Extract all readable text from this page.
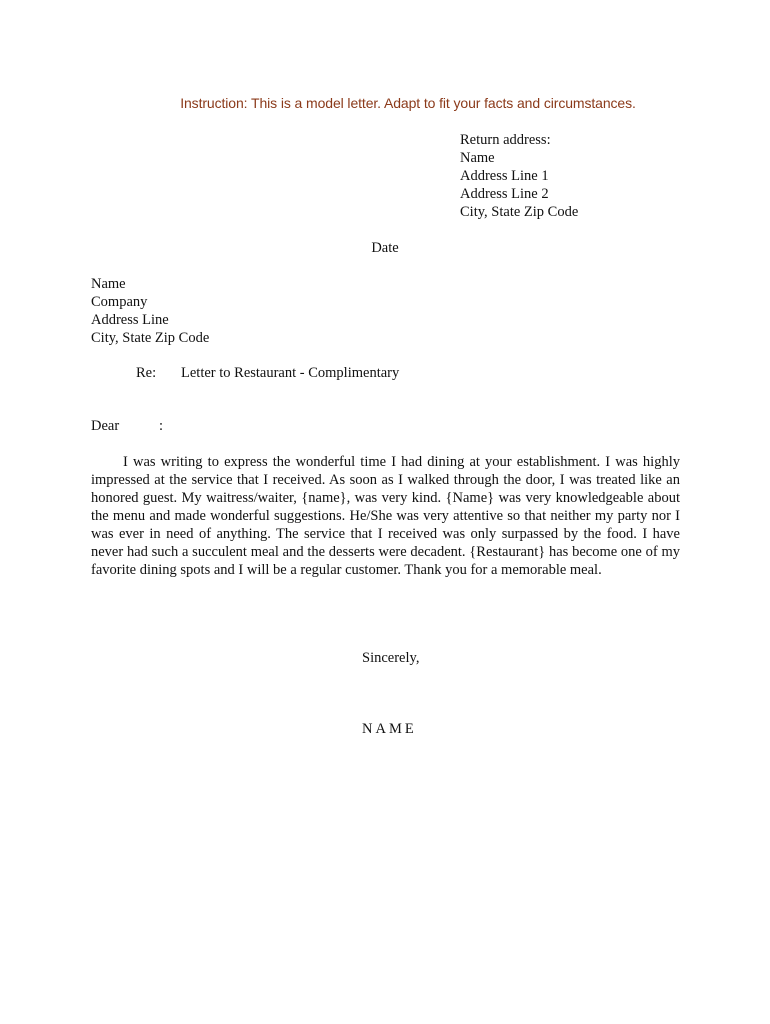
Instruction: This is a model letter. Adapt to fit your facts and circumstances.
Return address:
Name
Address Line 1
Address Line 2
City, State Zip Code
Date
Name
Company
Address Line
City, State Zip Code
Re: Letter to Restaurant - Complimentary
Dear	:

I was writing to express the wonderful time I had dining at your establishment. I was highly impressed at the service that I received. As soon as I walked through the door, I was treated like an honored guest. My waitress/waiter, {name}, was very kind. {Name} was very knowledgeable about the menu and made wonderful suggestions. He/She was very attentive so that neither my party nor I was ever in need of anything. The service that I received was only surpassed by the food. I have never had such a succulent meal and the desserts were decadent. {Restaurant} has become one of my favorite dining spots and I will be a regular customer. Thank you for a memorable meal.

Sincerely,
NAME
